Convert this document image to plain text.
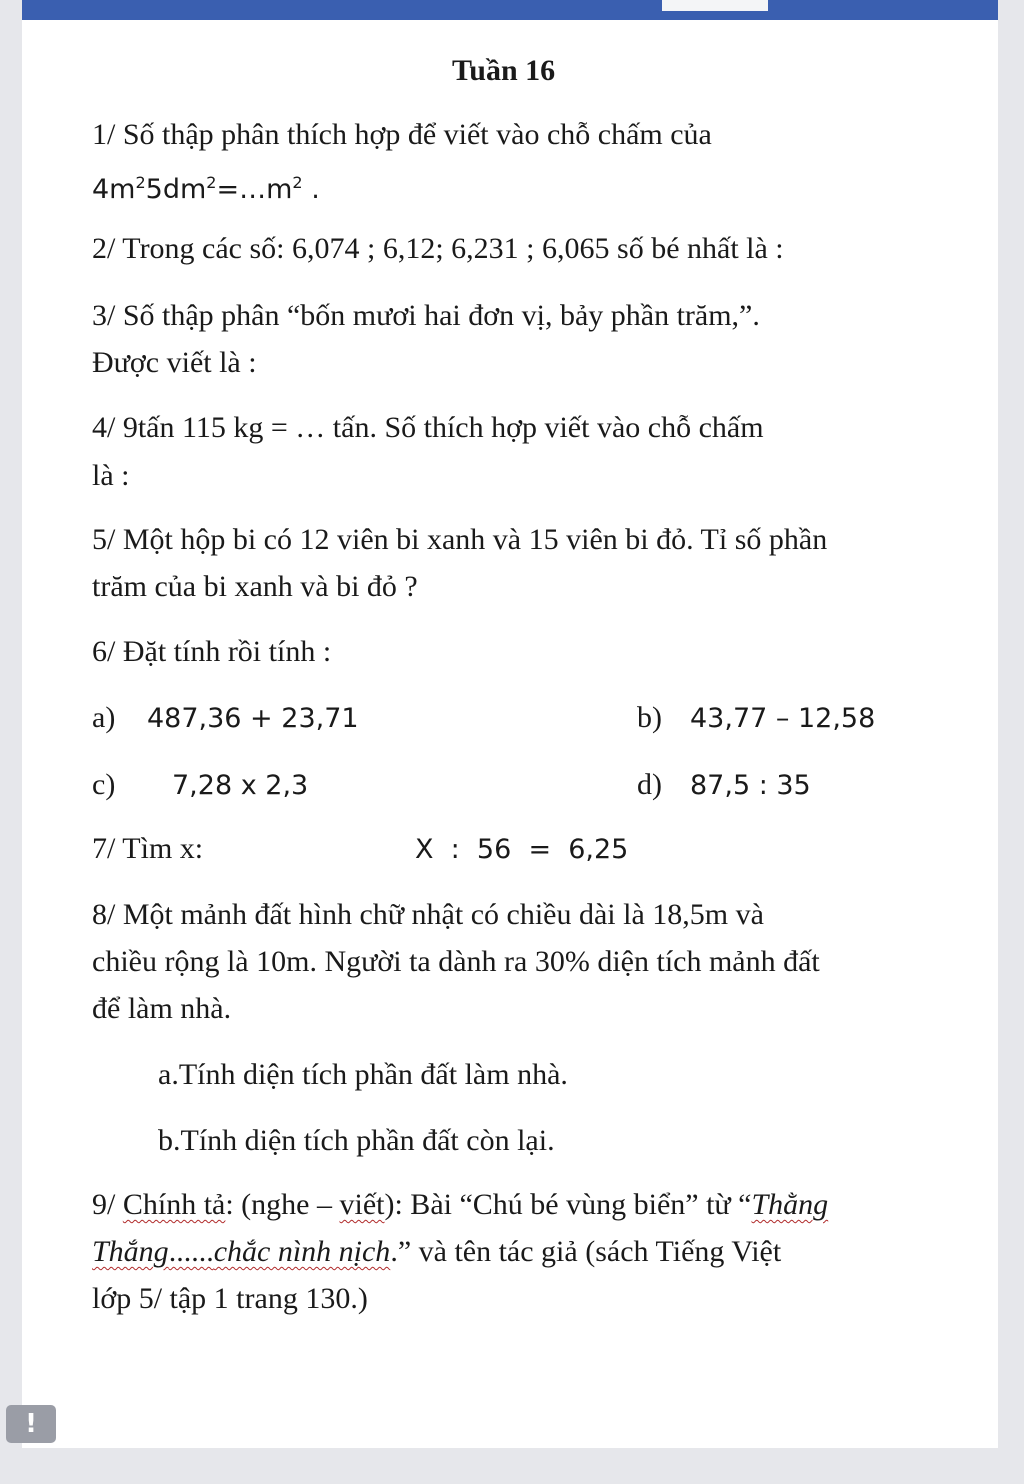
Tuần 16
1/ Số thập phân thích hợp để viết vào chỗ chấm của
$4m^25dm^2=\dots m^2$ .
2/ Trong các số: 6,074 ; 6,12; 6,231 ; 6,065 số bé nhất là :
3/ Số thập phân “bốn mươi hai đơn vị, bảy phần trăm,”.
Được viết là :
4/ 9tấn 115 kg = … tấn. Số thích hợp viết vào chỗ chấm
là :
5/ Một hộp bi có 12 viên bi xanh và 15 viên bi đỏ. Tỉ số phần
trăm của bi xanh và bi đỏ ?
6/ Đặt tính rồi tính :
a) 487,36 + 23,71	b) 43,77 – 12,58
c) 7,28 x 2,3	d) 87,5 : 35
7/ Tìm x:	X  :  56  =  6,25
8/ Một mảnh đất hình chữ nhật có chiều dài là 18,5m và
chiều rộng là 10m. Người ta dành ra 30% diện tích mảnh đất
để làm nhà.
a.Tính diện tích phần đất làm nhà.
b.Tính diện tích phần đất còn lại.
9/ Chính tả: (nghe – viết): Bài “Chú bé vùng biển” từ “Thằng
Thắng......chắc nình nịch.” và tên tác giả (sách Tiếng Việt
lớp 5/ tập 1 trang 130.)
!
